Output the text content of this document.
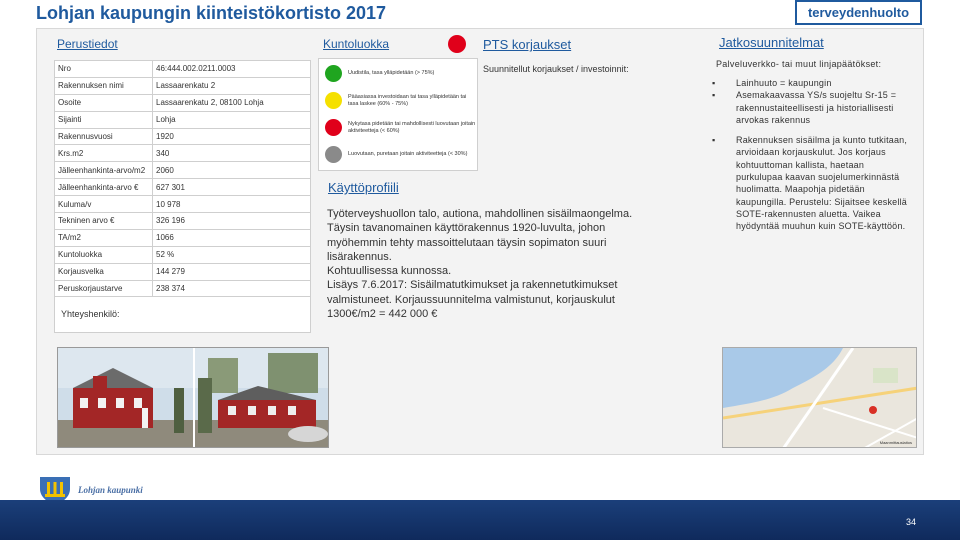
Lohjan kaupungin kiinteistökortisto 2017	terveydenhuolto
Perustiedot
Nro	46:444.002.0211.0003
Rakennuksen nimi	Lassaarenkatu 2
Osoite	Lassaarenkatu 2, 08100 Lohja
Sijainti	Lohja
Rakennusvuosi	1920
Krs.m2	340
Jälleenhankinta-arvo/m2	2060
Jälleenhankinta-arvo €	627 301
Kuluma/v	10 978
Tekninen arvo €	326 196
TA/m2	1066
Kuntoluokka	52 %
Korjausvelka	144 279
Peruskorjaustarve	238 374

Yhteyshenkilö:
Kuntoluokka
Uudistila, tasa ylläpidetään (> 75%)
Pääasiassa investoidaan tai tasa ylläpidetään tai tasa laskee (60% - 75%)
Nykytasa pidetään tai mahdollisesti luovutaan joitain aktiviteetteja (< 60%)
Luovutaan, puretaan joitain aktiviteetteja (< 30%)
Käyttöprofiili
Työterveyshuollon talo, autiona, mahdollinen sisäilmaongelma.
Täysin tavanomainen käyttörakennus 1920-luvulta, johon
myöhemmin tehty massoittelutaan täysin sopimaton suuri
lisärakennus.
Kohtuullisessa kunnossa.
Lisäys 7.6.2017: Sisäilmatutkimukset ja rakennetutkimukset
valmistuneet. Korjaussuunnitelma valmistunut, korjauskulut
1300€/m2 = 442 000 €
PTS korjaukset
Suunnitellut korjaukset / investoinnit:
Jatkosuunnitelmat
Palveluverkko- tai muut linjapäätökset:
▪ Lainhuuto = kaupungin
▪ Asemakaavassa YS/s suojeltu Sr-15 = rakennustaiteellisesti ja historiallisesti arvokas rakennus
▪ Rakennuksen sisäilma ja kunto tutkitaan, arvioidaan korjauskulut. Jos korjaus kohtuuttoman kallista, haetaan purkulupaa kaavan suojelumerkinnästä huolimatta. Maapohja pidetään kaupungilla. Perustelu: Sijaitsee keskellä SOTE-rakennusten aluetta. Vaikea hyödyntää muuhun kuin SOTE-käyttöön.
Maanmittauslaitos
Lohjan kaupunki
34
